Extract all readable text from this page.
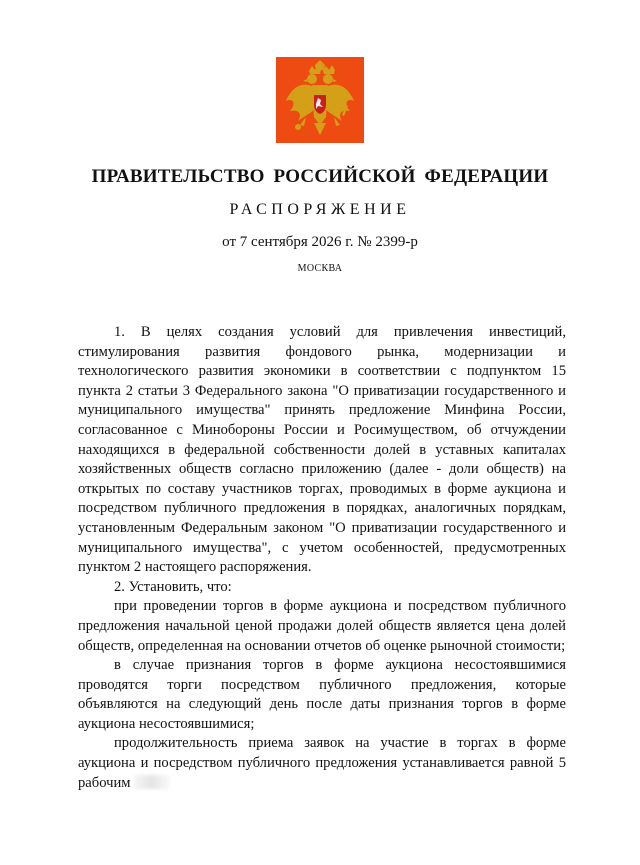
ПРАВИТЕЛЬСТВО РОССИЙСКОЙ ФЕДЕРАЦИИ
РАСПОРЯЖЕНИЕ
от 7 сентября 2026 г. № 2399-р
МОСКВА

1. В целях создания условий для привлечения инвестиций, стимулирования развития фондового рынка, модернизации и технологического развития экономики в соответствии с подпунктом 15 пункта 2 статьи 3 Федерального закона "О приватизации государственного и муниципального имущества" принять предложение Минфина России, согласованное с Минобороны России и Росимуществом, об отчуждении находящихся в федеральной собственности долей в уставных капиталах хозяйственных обществ согласно приложению (далее - доли обществ) на открытых по составу участников торгах, проводимых в форме аукциона и посредством публичного предложения в порядках, аналогичных порядкам, установленным Федеральным законом "О приватизации государственного и муниципального имущества", с учетом особенностей, предусмотренных пунктом 2 настоящего распоряжения.

2. Установить, что:

при проведении торгов в форме аукциона и посредством публичного предложения начальной ценой продажи долей обществ является цена долей обществ, определенная на основании отчетов об оценке рыночной стоимости;

в случае признания торгов в форме аукциона несостоявшимися проводятся торги посредством публичного предложения, которые объявляются на следующий день после даты признания торгов в форме аукциона несостоявшимися;

продолжительность приема заявок на участие в торгах в форме аукциона и посредством публичного предложения устанавливается равной 5 рабочим
